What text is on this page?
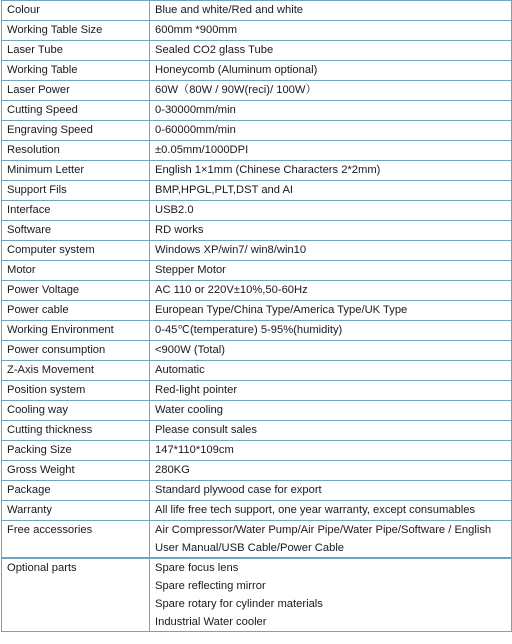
Colour	Blue and white/Red and white

Working Table Size	600mm *900mm

Laser Tube	Sealed CO2 glass Tube

Working Table	Honeycomb (Aluminum optional)

Laser Power	60W（80W / 90W(reci)/ 100W）

Cutting Speed	0-30000mm/min

Engraving Speed	0-60000mm/min

Resolution	±0.05mm/1000DPI

Minimum Letter	English 1×1mm (Chinese Characters 2*2mm)

Support Fils	BMP,HPGL,PLT,DST and AI

Interface	USB2.0

Software	RD works

Computer system	Windows XP/win7/ win8/win10

Motor	Stepper Motor

Power Voltage	AC 110 or 220V±10%,50-60Hz

Power cable	European Type/China Type/America Type/UK Type

Working Environment	0-45℃(temperature) 5-95%(humidity)

Power consumption	<900W (Total)

Z-Axis Movement	Automatic

Position system	Red-light pointer

Cooling way	Water cooling

Cutting thickness	Please consult sales

Packing Size	147*110*109cm

Gross Weight	280KG

Package	Standard plywood case for export

Warranty	All life free tech support, one year warranty, except consumables

Free accessories	Air Compressor/Water Pump/Air Pipe/Water Pipe/Software / English
User Manual/USB Cable/Power Cable

Optional parts	Spare focus lens
Spare reflecting mirror
Spare rotary for cylinder materials
Industrial Water cooler
